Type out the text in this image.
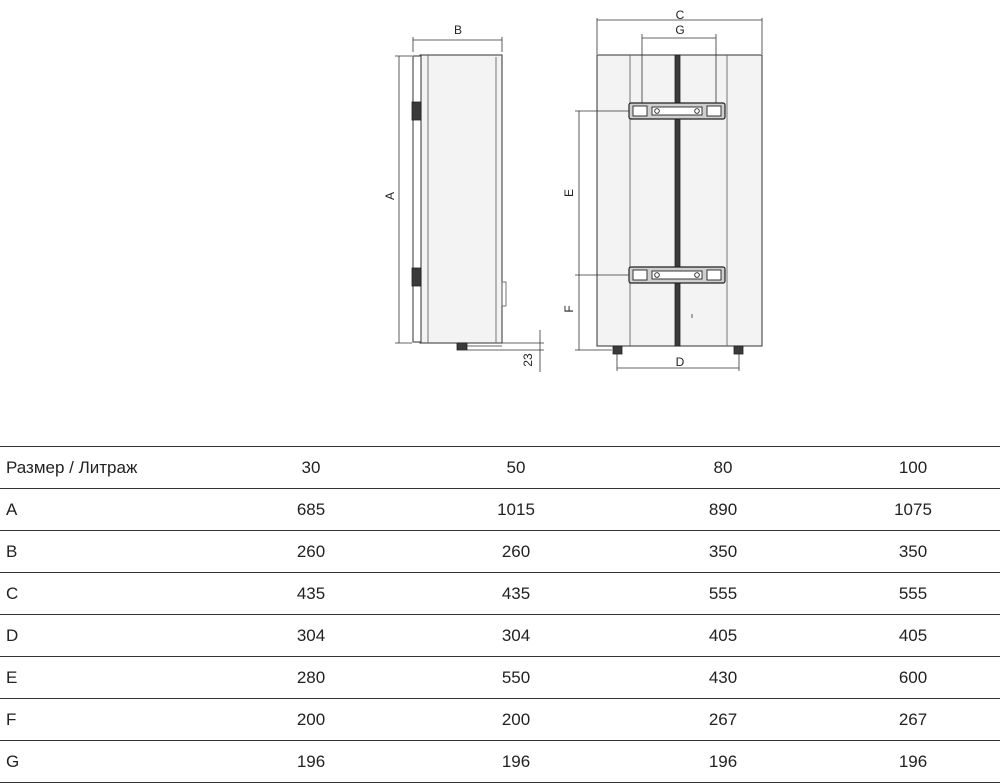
B
A
23
C
G
E
F
D
Размер / Литраж	30	50	80	100
A	685	1015	890	1075
B	260	260	350	350
C	435	435	555	555
D	304	304	405	405
E	280	550	430	600
F	200	200	267	267
G	196	196	196	196
